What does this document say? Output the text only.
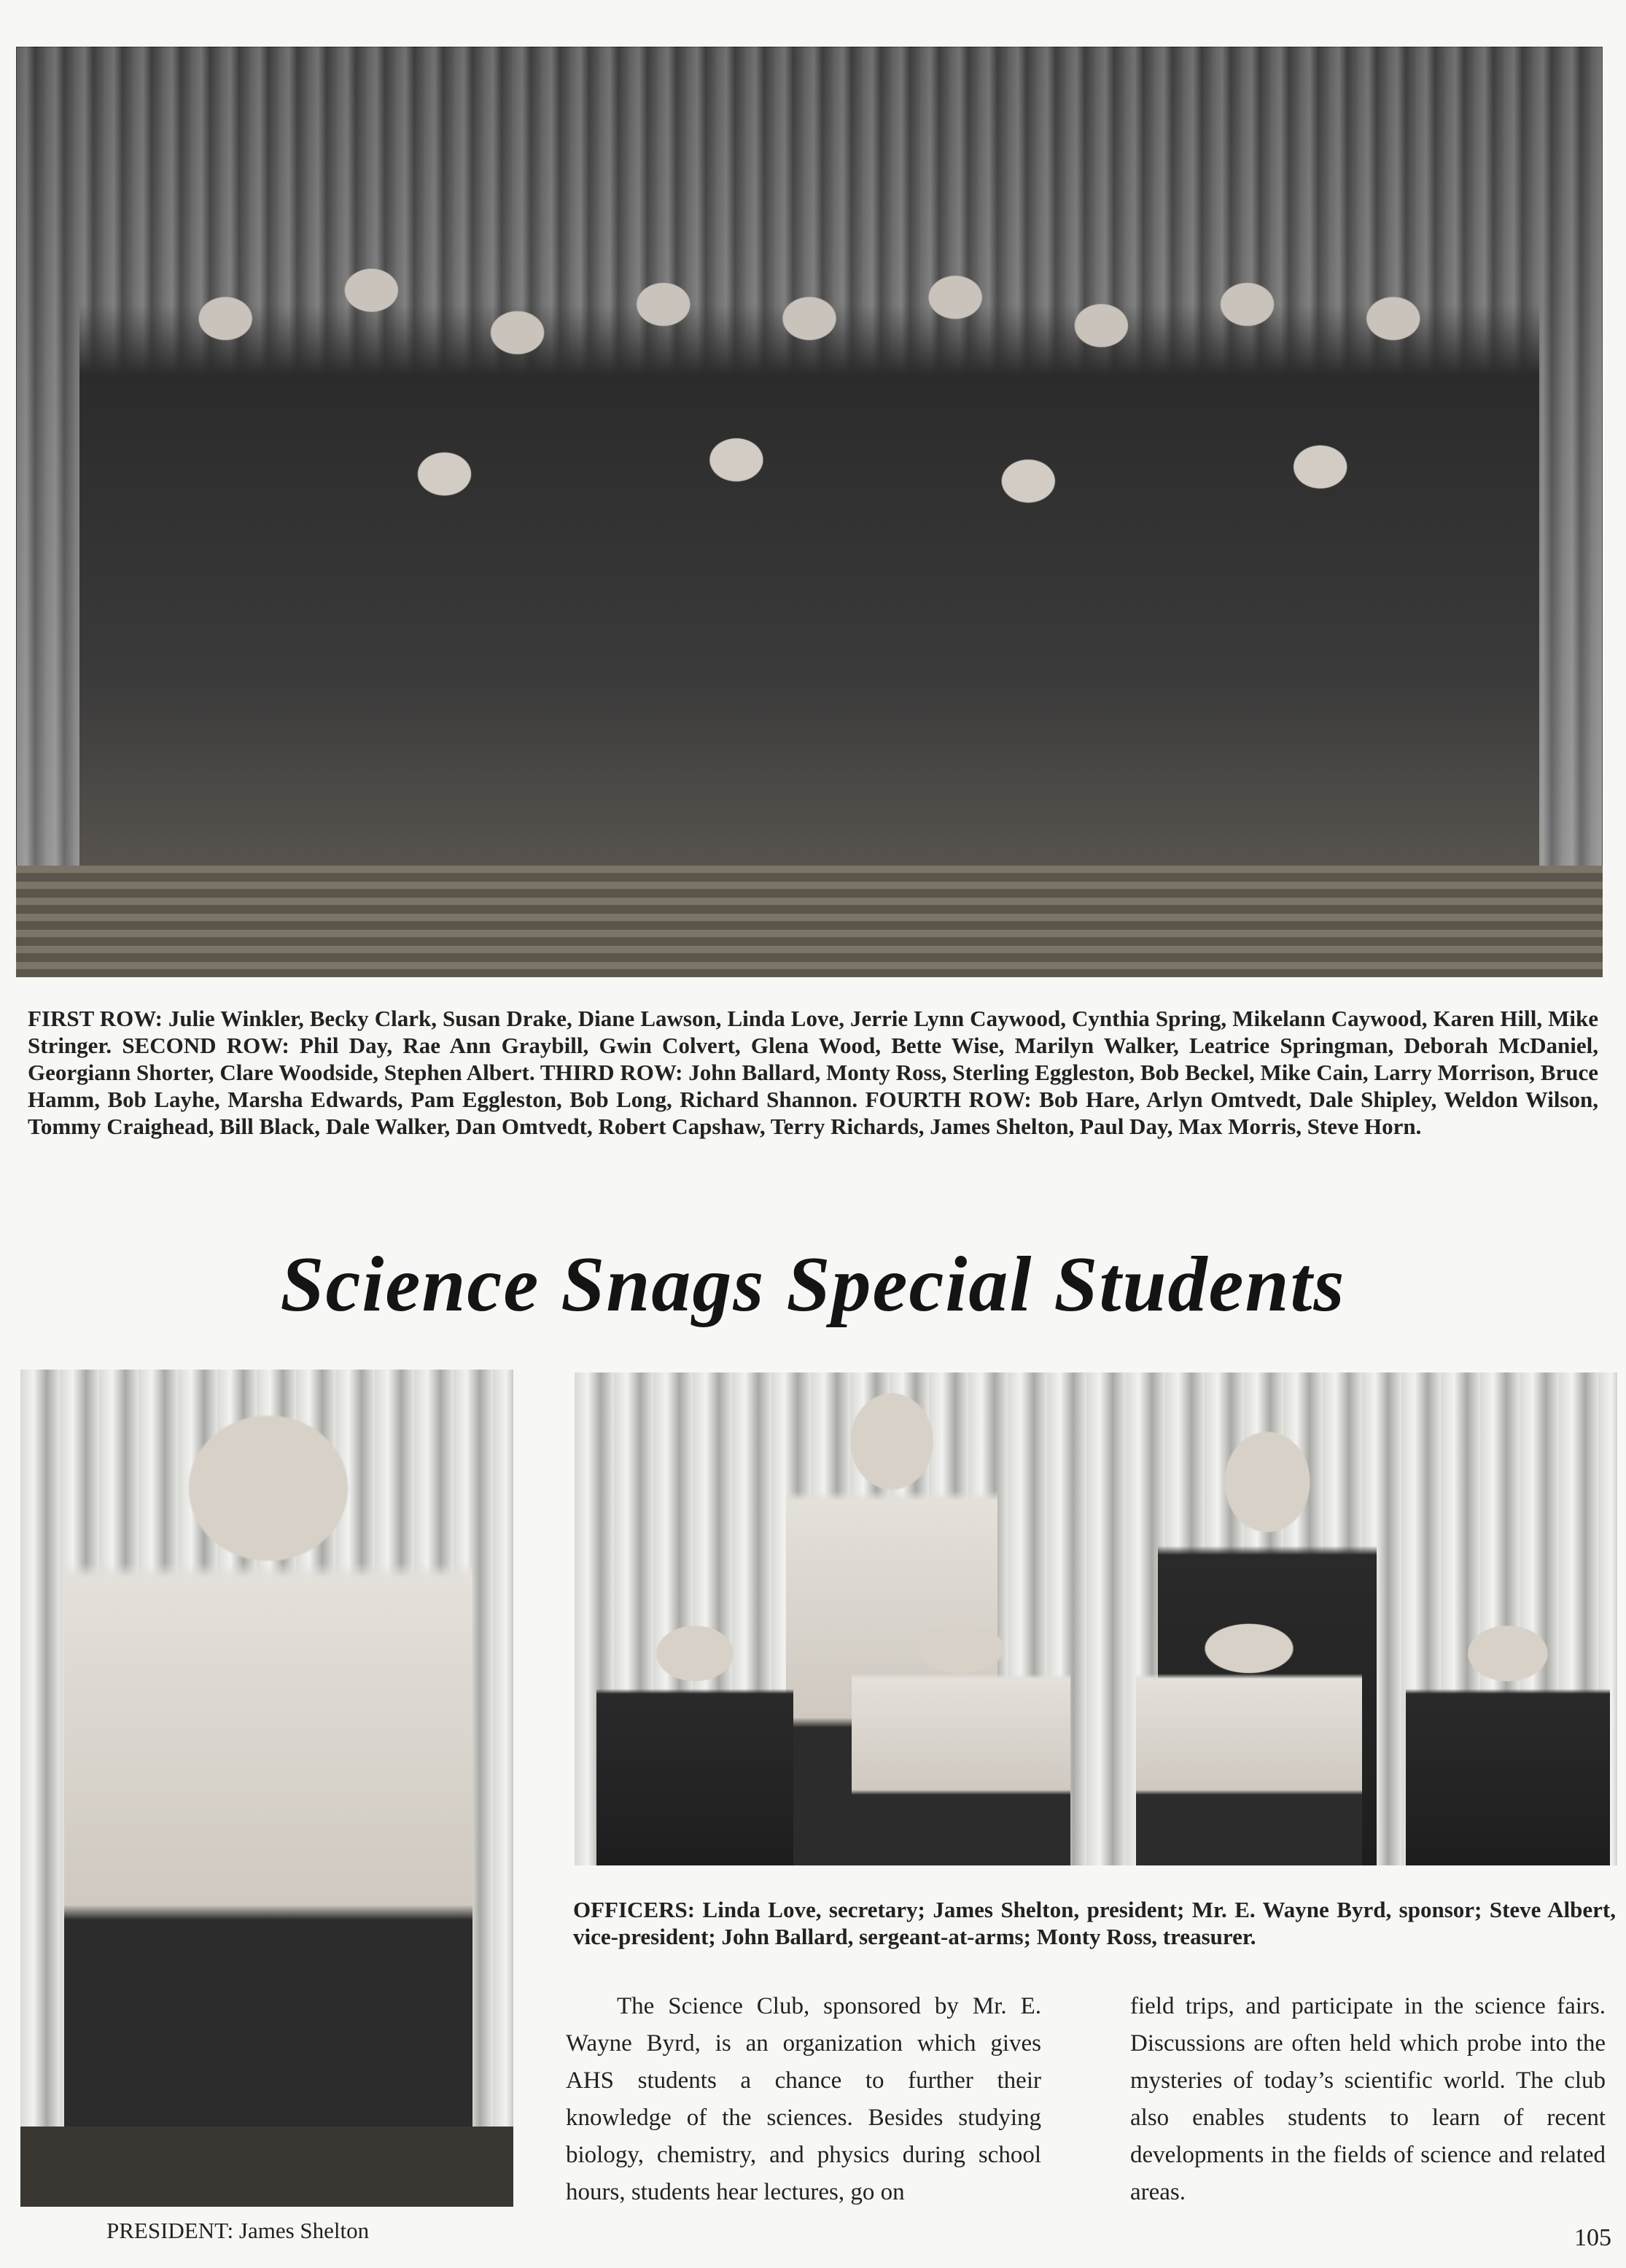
FIRST ROW: Julie Winkler, Becky Clark, Susan Drake, Diane Lawson, Linda Love, Jerrie Lynn Caywood, Cynthia Spring, Mikelann Caywood, Karen Hill, Mike Stringer. SECOND ROW: Phil Day, Rae Ann Graybill, Gwin Colvert, Glena Wood, Bette Wise, Marilyn Walker, Leatrice Springman, Deborah McDaniel, Georgiann Shorter, Clare Woodside, Stephen Albert. THIRD ROW: John Ballard, Monty Ross, Sterling Eggleston, Bob Beckel, Mike Cain, Larry Morrison, Bruce Hamm, Bob Layhe, Marsha Edwards, Pam Eggleston, Bob Long, Richard Shannon. FOURTH ROW: Bob Hare, Arlyn Omtvedt, Dale Shipley, Weldon Wilson, Tommy Craighead, Bill Black, Dale Walker, Dan Omtvedt, Robert Capshaw, Terry Richards, James Shelton, Paul Day, Max Morris, Steve Horn.
Science Snags Special Students
PRESIDENT: James Shelton
OFFICERS: Linda Love, secretary; James Shelton, president; Mr. E. Wayne Byrd, sponsor; Steve Albert, vice-president; John Ballard, sergeant-at-arms; Monty Ross, treasurer.
The Science Club, sponsored by Mr. E. Wayne Byrd, is an organization which gives AHS students a chance to further their knowledge of the sciences. Besides studying biology, chemistry, and physics during school hours, students hear lectures, go on
field trips, and participate in the science fairs. Discussions are often held which probe into the mysteries of today’s scientific world. The club also enables students to learn of recent developments in the fields of science and related areas.
105
